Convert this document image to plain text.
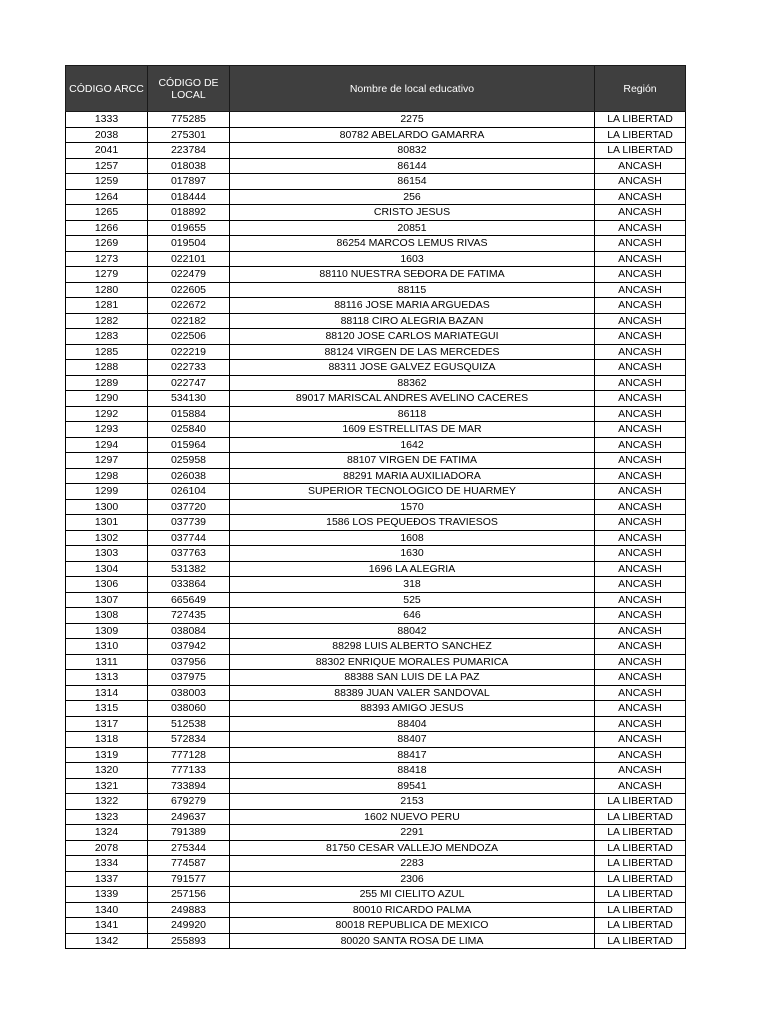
CÓDIGO ARCC	CÓDIGO DE LOCAL	Nombre de local educativo	Región
1333	775285	2275	LA LIBERTAD
2038	275301	80782 ABELARDO GAMARRA	LA LIBERTAD
2041	223784	80832	LA LIBERTAD
1257	018038	86144	ANCASH
1259	017897	86154	ANCASH
1264	018444	256	ANCASH
1265	018892	CRISTO JESUS	ANCASH
1266	019655	20851	ANCASH
1269	019504	86254 MARCOS LEMUS RIVAS	ANCASH
1273	022101	1603	ANCASH
1279	022479	88110 NUESTRA SEÐORA DE FATIMA	ANCASH
1280	022605	88115	ANCASH
1281	022672	88116 JOSE MARIA ARGUEDAS	ANCASH
1282	022182	88118 CIRO ALEGRIA BAZAN	ANCASH
1283	022506	88120 JOSE CARLOS MARIATEGUI	ANCASH
1285	022219	88124 VIRGEN DE LAS MERCEDES	ANCASH
1288	022733	88311 JOSE GALVEZ EGUSQUIZA	ANCASH
1289	022747	88362	ANCASH
1290	534130	89017 MARISCAL ANDRES AVELINO CACERES	ANCASH
1292	015884	86118	ANCASH
1293	025840	1609 ESTRELLITAS DE MAR	ANCASH
1294	015964	1642	ANCASH
1297	025958	88107 VIRGEN DE FATIMA	ANCASH
1298	026038	88291 MARIA AUXILIADORA	ANCASH
1299	026104	SUPERIOR TECNOLOGICO DE HUARMEY	ANCASH
1300	037720	1570	ANCASH
1301	037739	1586 LOS PEQUEÐOS TRAVIESOS	ANCASH
1302	037744	1608	ANCASH
1303	037763	1630	ANCASH
1304	531382	1696 LA ALEGRIA	ANCASH
1306	033864	318	ANCASH
1307	665649	525	ANCASH
1308	727435	646	ANCASH
1309	038084	88042	ANCASH
1310	037942	88298 LUIS ALBERTO SANCHEZ	ANCASH
1311	037956	88302 ENRIQUE MORALES PUMARICA	ANCASH
1313	037975	88388 SAN LUIS DE LA PAZ	ANCASH
1314	038003	88389 JUAN VALER SANDOVAL	ANCASH
1315	038060	88393 AMIGO JESUS	ANCASH
1317	512538	88404	ANCASH
1318	572834	88407	ANCASH
1319	777128	88417	ANCASH
1320	777133	88418	ANCASH
1321	733894	89541	ANCASH
1322	679279	2153	LA LIBERTAD
1323	249637	1602 NUEVO PERU	LA LIBERTAD
1324	791389	2291	LA LIBERTAD
2078	275344	81750 CESAR VALLEJO MENDOZA	LA LIBERTAD
1334	774587	2283	LA LIBERTAD
1337	791577	2306	LA LIBERTAD
1339	257156	255 MI CIELITO AZUL	LA LIBERTAD
1340	249883	80010 RICARDO PALMA	LA LIBERTAD
1341	249920	80018 REPUBLICA DE MEXICO	LA LIBERTAD
1342	255893	80020 SANTA ROSA DE LIMA	LA LIBERTAD
